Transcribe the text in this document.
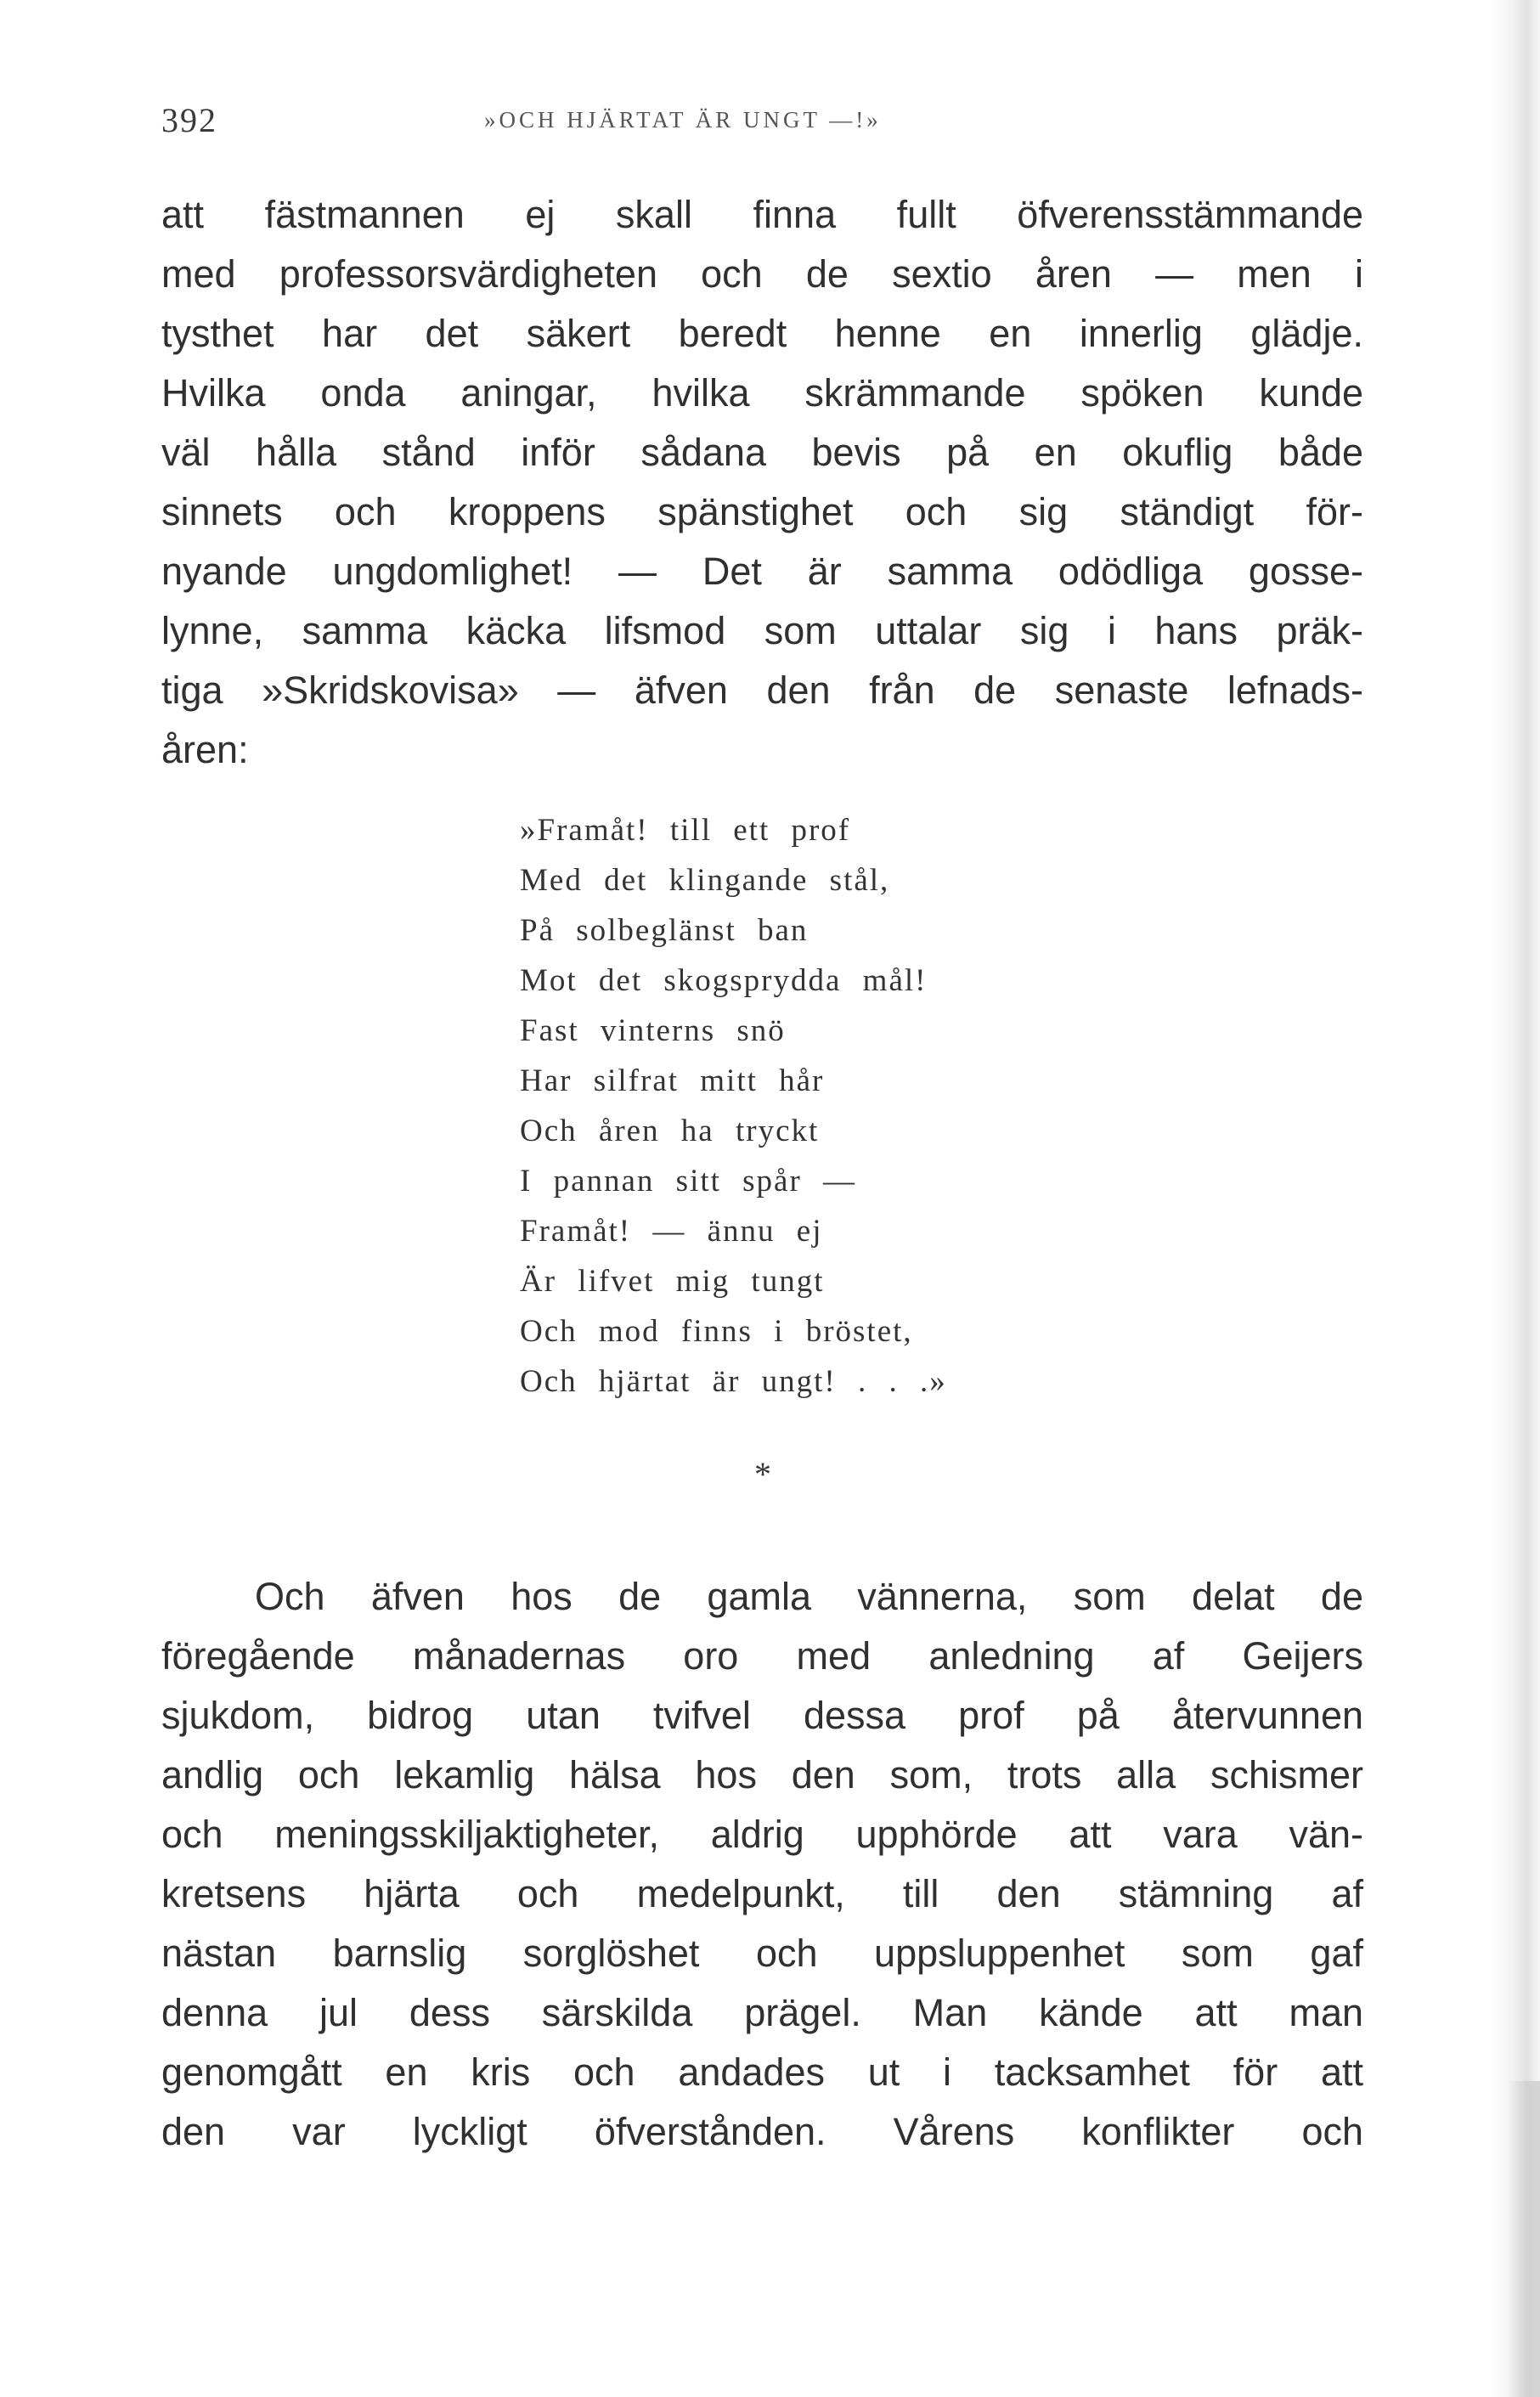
392	»OCH HJÄRTAT ÄR UNGT —!»
att fästmannen ej skall finna fullt öfverensstämmande
med professorsvärdigheten och de sextio åren — men i
tysthet har det säkert beredt henne en innerlig glädje.
Hvilka onda aningar, hvilka skrämmande spöken kunde
väl hålla stånd inför sådana bevis på en okuflig både
sinnets och kroppens spänstighet och sig ständigt för-
nyande ungdomlighet! — Det är samma odödliga gosse-
lynne, samma käcka lifsmod som uttalar sig i hans präk-
tiga »Skridskovisa» — äfven den från de senaste lefnads-
åren:
»Framåt! till ett prof
Med det klingande stål,
På solbeglänst ban
Mot det skogsprydda mål!
Fast vinterns snö
Har silfrat mitt hår
Och åren ha tryckt
I pannan sitt spår —
Framåt! — ännu ej
Är lifvet mig tungt
Och mod finns i bröstet,
Och hjärtat är ungt! . . .»
*
Och äfven hos de gamla vännerna, som delat de
föregående månadernas oro med anledning af Geijers
sjukdom, bidrog utan tvifvel dessa prof på återvunnen
andlig och lekamlig hälsa hos den som, trots alla schismer
och meningsskiljaktigheter, aldrig upphörde att vara vän-
kretsens hjärta och medelpunkt, till den stämning af
nästan barnslig sorglöshet och uppsluppenhet som gaf
denna jul dess särskilda prägel. Man kände att man
genomgått en kris och andades ut i tacksamhet för att
den var lyckligt öfverstånden. Vårens konflikter och
